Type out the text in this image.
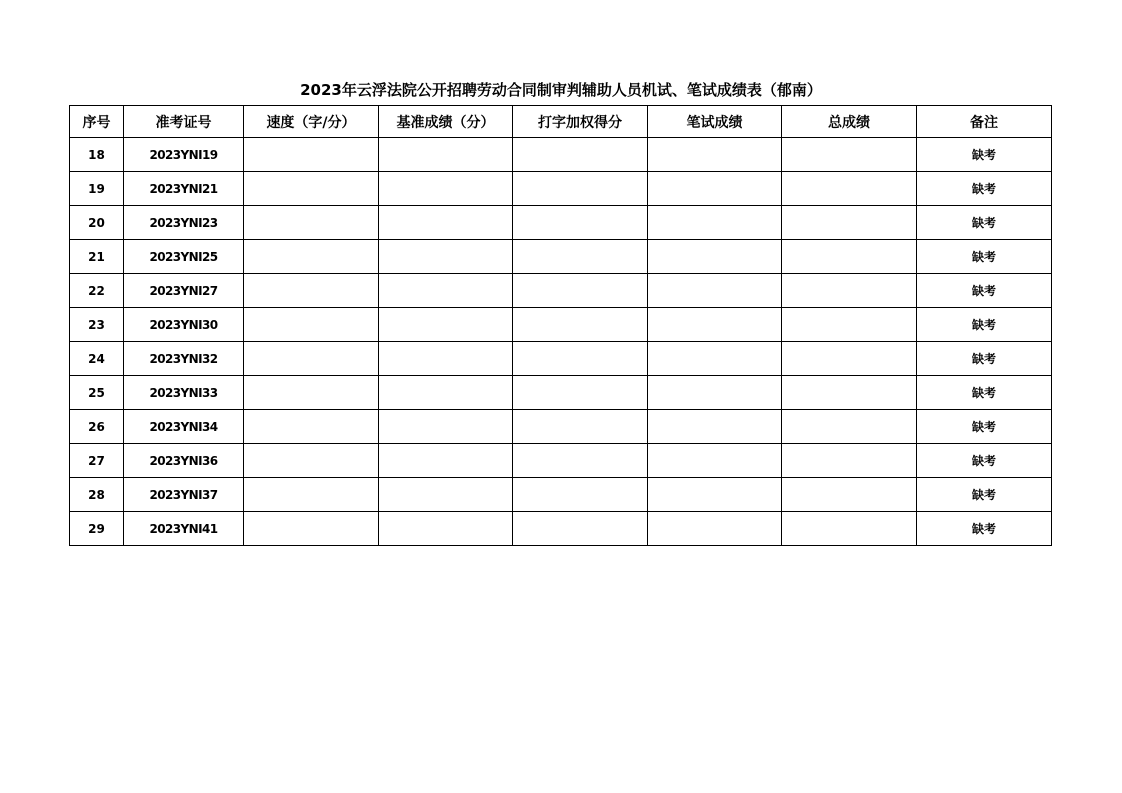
2023年云浮法院公开招聘劳动合同制审判辅助人员机试、笔试成绩表（郁南）
序号	准考证号	速度（字/分）	基准成绩（分）	打字加权得分	笔试成绩	总成绩	备注
18	2023YNI19						缺考
19	2023YNI21						缺考
20	2023YNI23						缺考
21	2023YNI25						缺考
22	2023YNI27						缺考
23	2023YNI30						缺考
24	2023YNI32						缺考
25	2023YNI33						缺考
26	2023YNI34						缺考
27	2023YNI36						缺考
28	2023YNI37						缺考
29	2023YNI41						缺考
